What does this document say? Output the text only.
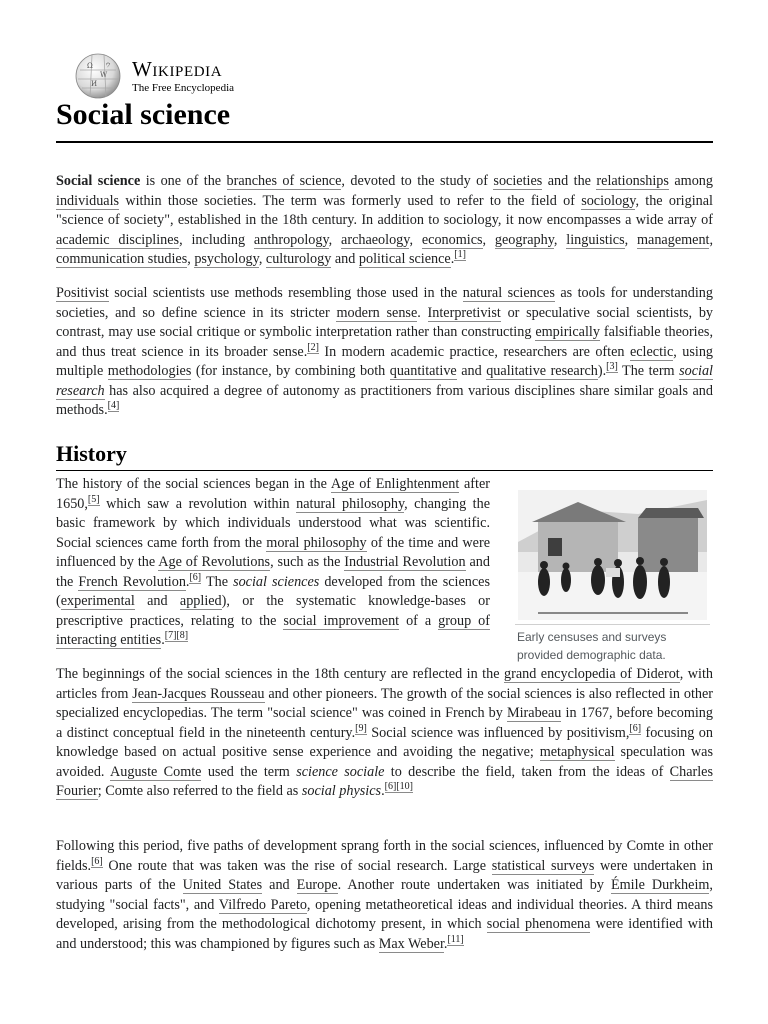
Ω
W
И
ウ Wikipedia
The Free Encyclopedia
Social science

Social science is one of the branches of science, devoted to the study of societies and the relationships among individuals within those societies. The term was formerly used to refer to the field of sociology, the original "science of society", established in the 18th century. In addition to sociology, it now encompasses a wide array of academic disciplines, including anthropology, archaeology, economics, geography, linguistics, management, communication studies, psychology, culturology and political science.[1]

Positivist social scientists use methods resembling those used in the natural sciences as tools for understanding societies, and so define science in its stricter modern sense. Interpretivist or speculative social scientists, by contrast, may use social critique or symbolic interpretation rather than constructing empirically falsifiable theories, and thus treat science in its broader sense.[2] In modern academic practice, researchers are often eclectic, using multiple methodologies (for instance, by combining both quantitative and qualitative research).[3] The term social research has also acquired a degree of autonomy as practitioners from various disciplines share similar goals and methods.[4]

History

The history of the social sciences began in the Age of Enlightenment after 1650,[5] which saw a revolution within natural philosophy, changing the basic framework by which individuals understood what was scientific. Social sciences came forth from the moral philosophy of the time and were influenced by the Age of Revolutions, such as the Industrial Revolution and the French Revolution.[6] The social sciences developed from the sciences (experimental and applied), or the systematic knowledge-bases or prescriptive practices, relating to the social improvement of a group of interacting entities.[7][8]	Early censuses and surveys provided demographic data.

The beginnings of the social sciences in the 18th century are reflected in the grand encyclopedia of Diderot, with articles from Jean-Jacques Rousseau and other pioneers. The growth of the social sciences is also reflected in other specialized encyclopedias. The term "social science" was coined in French by Mirabeau in 1767, before becoming a distinct conceptual field in the nineteenth century.[9] Social science was influenced by positivism,[6] focusing on knowledge based on actual positive sense experience and avoiding the negative; metaphysical speculation was avoided. Auguste Comte used the term science sociale to describe the field, taken from the ideas of Charles Fourier; Comte also referred to the field as social physics.[6][10]

Following this period, five paths of development sprang forth in the social sciences, influenced by Comte in other fields.[6] One route that was taken was the rise of social research. Large statistical surveys were undertaken in various parts of the United States and Europe. Another route undertaken was initiated by Émile Durkheim, studying "social facts", and Vilfredo Pareto, opening metatheoretical ideas and individual theories. A third means developed, arising from the methodological dichotomy present, in which social phenomena were identified with and understood; this was championed by figures such as Max Weber.[11]
